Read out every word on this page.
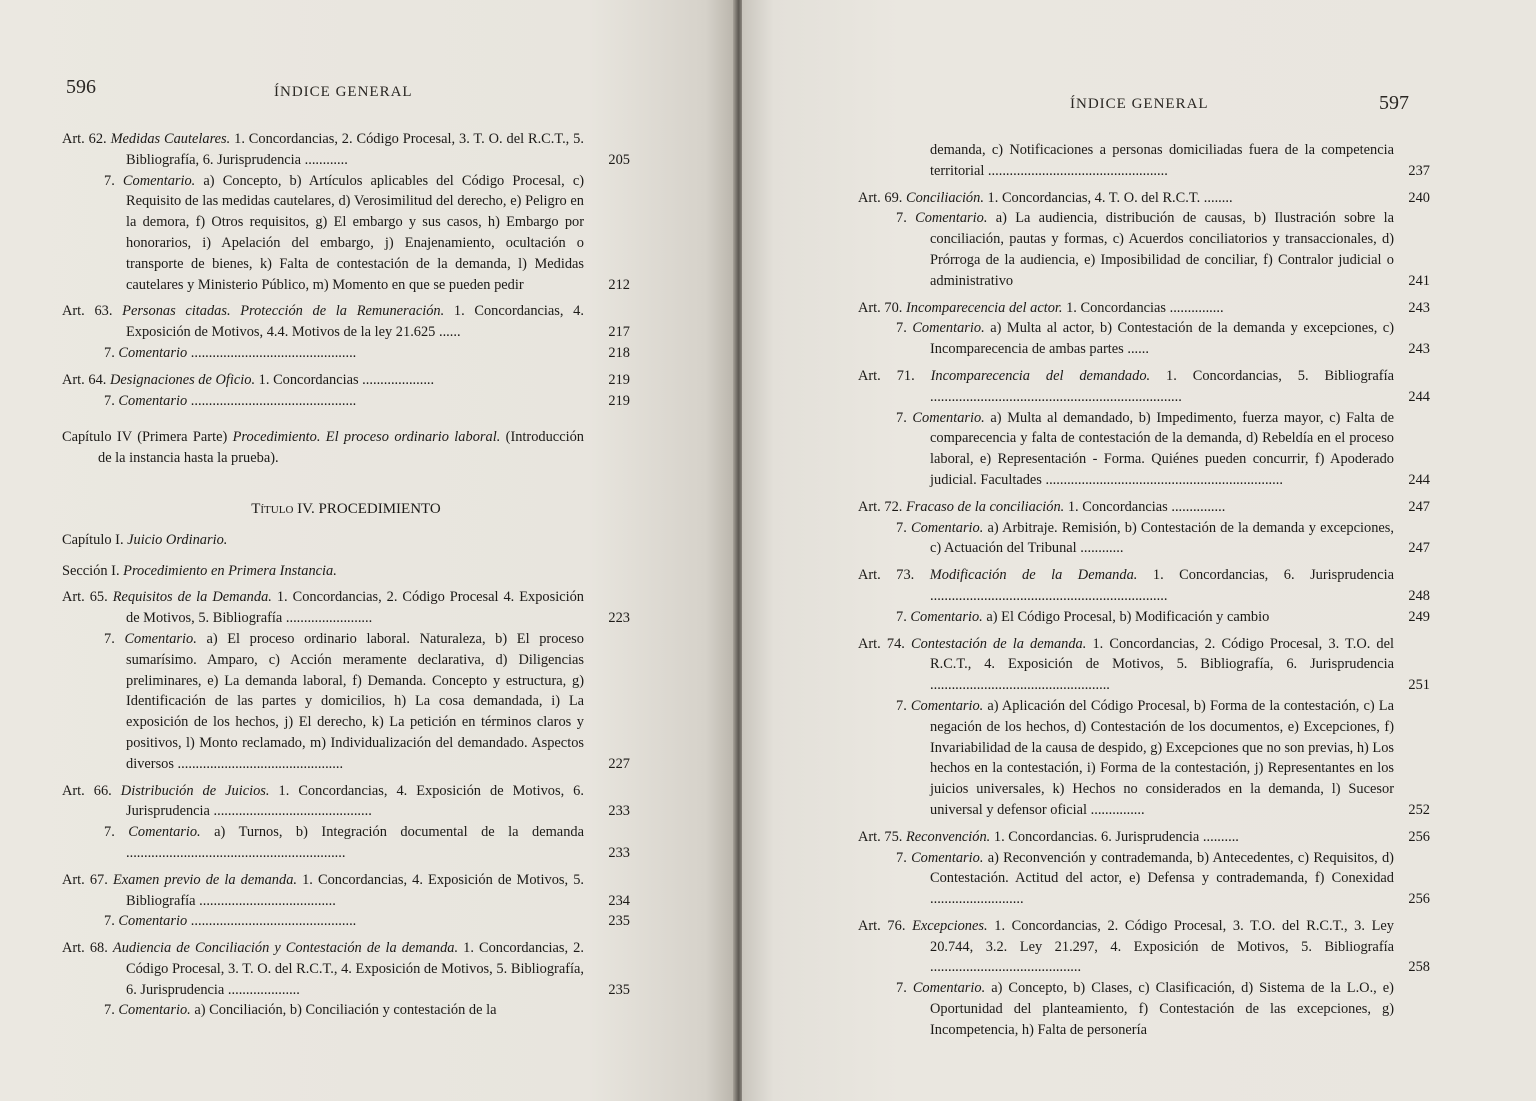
596	ÍNDICE GENERAL
Art. 62. Medidas Cautelares. 1. Concordancias, 2. Código Procesal, 3. T. O. del R.C.T., 5. Bibliografía, 6. Jurisprudencia ............	205
7. Comentario. a) Concepto, b) Artículos aplicables del Código Procesal, c) Requisito de las medidas cautelares, d) Verosimilitud del derecho, e) Peligro en la demora, f) Otros requisitos, g) El embargo y sus casos, h) Embargo por honorarios, i) Apelación del embargo, j) Enajenamiento, ocultación o transporte de bienes, k) Falta de contestación de la demanda, l) Medidas cautelares y Ministerio Público, m) Momento en que se pueden pedir	212
Art. 63. Personas citadas. Protección de la Remuneración. 1. Concordancias, 4. Exposición de Motivos, 4.4. Motivos de la ley 21.625 ......	217
7. Comentario ..............................................	218
Art. 64. Designaciones de Oficio. 1. Concordancias ....................	219
7. Comentario ..............................................	219
Capítulo IV (Primera Parte) Procedimiento. El proceso ordinario laboral. (Introducción de la instancia hasta la prueba).
Título IV. PROCEDIMIENTO
Capítulo I. Juicio Ordinario.
Sección I. Procedimiento en Primera Instancia.
Art. 65. Requisitos de la Demanda. 1. Concordancias, 2. Código Procesal 4. Exposición de Motivos, 5. Bibliografía ........................	223
7. Comentario. a) El proceso ordinario laboral. Naturaleza, b) El proceso sumarísimo. Amparo, c) Acción meramente declarativa, d) Diligencias preliminares, e) La demanda laboral, f) Demanda. Concepto y estructura, g) Identificación de las partes y domicilios, h) La cosa demandada, i) La exposición de los hechos, j) El derecho, k) La petición en términos claros y positivos, l) Monto reclamado, m) Individualización del demandado. Aspectos diversos ..............................................	227
Art. 66. Distribución de Juicios. 1. Concordancias, 4. Exposición de Motivos, 6. Jurisprudencia ............................................	233
7. Comentario. a) Turnos, b) Integración documental de la demanda .............................................................	233
Art. 67. Examen previo de la demanda. 1. Concordancias, 4. Exposición de Motivos, 5. Bibliografía ......................................	234
7. Comentario ..............................................	235
Art. 68. Audiencia de Conciliación y Contestación de la demanda. 1. Concordancias, 2. Código Procesal, 3. T. O. del R.C.T., 4. Exposición de Motivos, 5. Bibliografía, 6. Jurisprudencia ....................	235
7. Comentario. a) Conciliación, b) Conciliación y contestación de la
ÍNDICE GENERAL	597
demanda, c) Notificaciones a personas domiciliadas fuera de la competencia territorial ..................................................	237
Art. 69. Conciliación. 1. Concordancias, 4. T. O. del R.C.T. ........	240
7. Comentario. a) La audiencia, distribución de causas, b) Ilustración sobre la conciliación, pautas y formas, c) Acuerdos conciliatorios y transaccionales, d) Prórroga de la audiencia, e) Imposibilidad de conciliar, f) Contralor judicial o administrativo	241
Art. 70. Incomparecencia del actor. 1. Concordancias ...............	243
7. Comentario. a) Multa al actor, b) Contestación de la demanda y excepciones, c) Incomparecencia de ambas partes ......	243
Art. 71. Incomparecencia del demandado. 1. Concordancias, 5. Bibliografía ......................................................................	244
7. Comentario. a) Multa al demandado, b) Impedimento, fuerza mayor, c) Falta de comparecencia y falta de contestación de la demanda, d) Rebeldía en el proceso laboral, e) Representación - Forma. Quiénes pueden concurrir, f) Apoderado judicial. Facultades ..................................................................	244
Art. 72. Fracaso de la conciliación. 1. Concordancias ...............	247
7. Comentario. a) Arbitraje. Remisión, b) Contestación de la demanda y excepciones, c) Actuación del Tribunal ............	247
Art. 73. Modificación de la Demanda. 1. Concordancias, 6. Jurisprudencia ..................................................................	248
7. Comentario. a) El Código Procesal, b) Modificación y cambio	249
Art. 74. Contestación de la demanda. 1. Concordancias, 2. Código Procesal, 3. T.O. del R.C.T., 4. Exposición de Motivos, 5. Bibliografía, 6. Jurisprudencia ..................................................	251
7. Comentario. a) Aplicación del Código Procesal, b) Forma de la contestación, c) La negación de los hechos, d) Contestación de los documentos, e) Excepciones, f) Invariabilidad de la causa de despido, g) Excepciones que no son previas, h) Los hechos en la contestación, i) Forma de la contestación, j) Representantes en los juicios universales, k) Hechos no considerados en la demanda, l) Sucesor universal y defensor oficial ...............	252
Art. 75. Reconvención. 1. Concordancias. 6. Jurisprudencia ..........	256
7. Comentario. a) Reconvención y contrademanda, b) Antecedentes, c) Requisitos, d) Contestación. Actitud del actor, e) Defensa y contrademanda, f) Conexidad ..........................	256
Art. 76. Excepciones. 1. Concordancias, 2. Código Procesal, 3. T.O. del R.C.T., 3. Ley 20.744, 3.2. Ley 21.297, 4. Exposición de Motivos, 5. Bibliografía ..........................................	258
7. Comentario. a) Concepto, b) Clases, c) Clasificación, d) Sistema de la L.O., e) Oportunidad del planteamiento, f) Contestación de las excepciones, g) Incompetencia, h) Falta de personería
